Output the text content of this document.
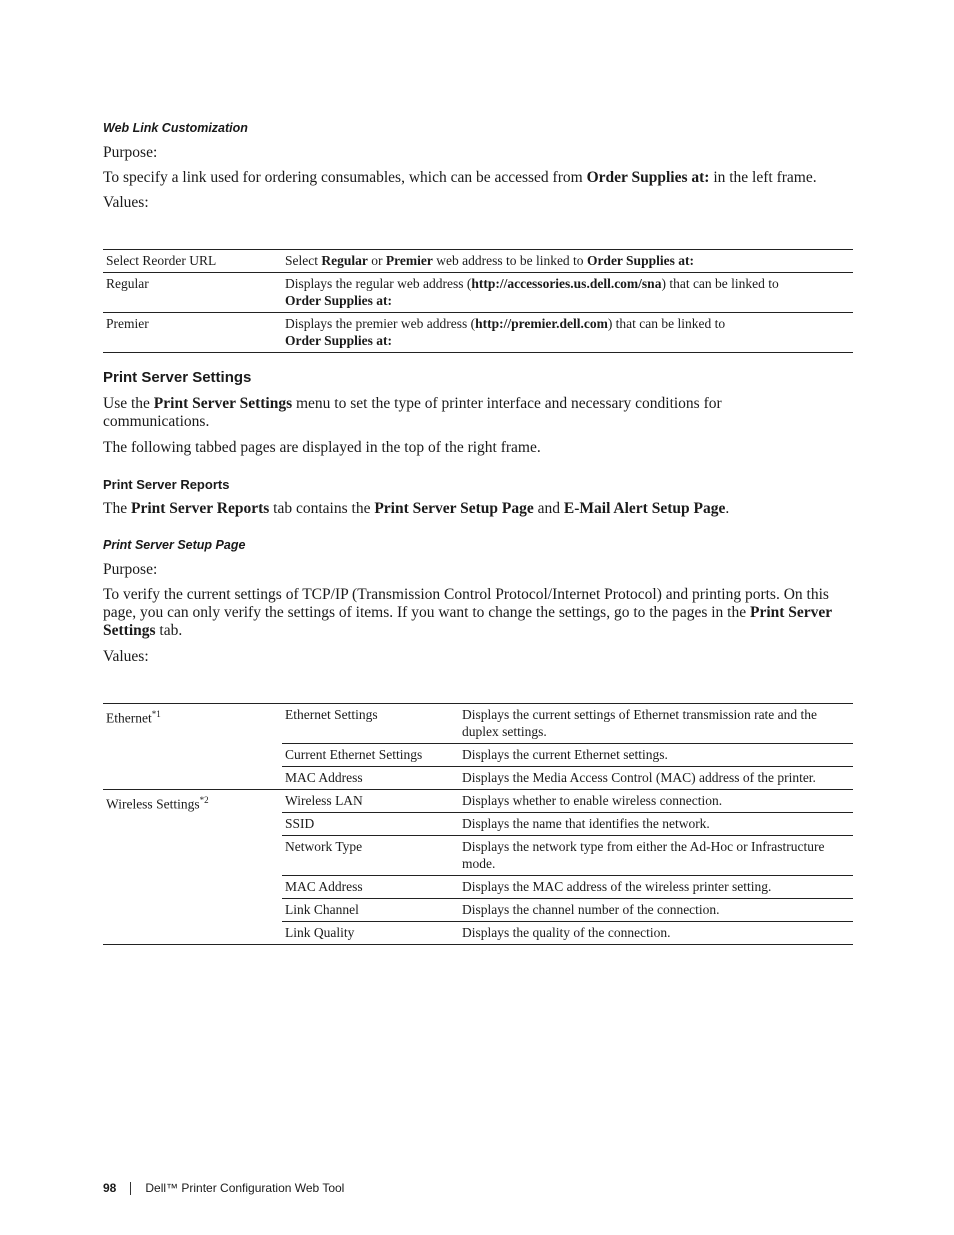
Web Link Customization
Purpose:
To specify a link used for ordering consumables, which can be accessed from Order Supplies at: in the left frame.
Values:
Select Reorder URL	Select Regular or Premier web address to be linked to Order Supplies at:
Regular	Displays the regular web address (http://accessories.us.dell.com/sna) that can be linked to
Order Supplies at:
Premier	Displays the premier web address (http://premier.dell.com) that can be linked to
Order Supplies at:
Print Server Settings
Use the Print Server Settings menu to set the type of printer interface and necessary conditions for communications.
The following tabbed pages are displayed in the top of the right frame.
Print Server Reports
The Print Server Reports tab contains the Print Server Setup Page and E-Mail Alert Setup Page.
Print Server Setup Page
Purpose:
To verify the current settings of TCP/IP (Transmission Control Protocol/Internet Protocol) and printing ports. On this page, you can only verify the settings of items. If you want to change the settings, go to the pages in the Print Server Settings tab.
Values:
Ethernet$^{*1}$	Ethernet Settings	Displays the current settings of Ethernet transmission rate and the duplex settings.
	Current Ethernet Settings	Displays the current Ethernet settings.
	MAC Address	Displays the Media Access Control (MAC) address of the printer.
Wireless Settings$^{*2}$	Wireless LAN	Displays whether to enable wireless connection.
	SSID	Displays the name that identifies the network.
	Network Type	Displays the network type from either the Ad-Hoc or Infrastructure mode.
	MAC Address	Displays the MAC address of the wireless printer setting.
	Link Channel	Displays the channel number of the connection.
	Link Quality	Displays the quality of the connection.
98 Dell™ Printer Configuration Web Tool
